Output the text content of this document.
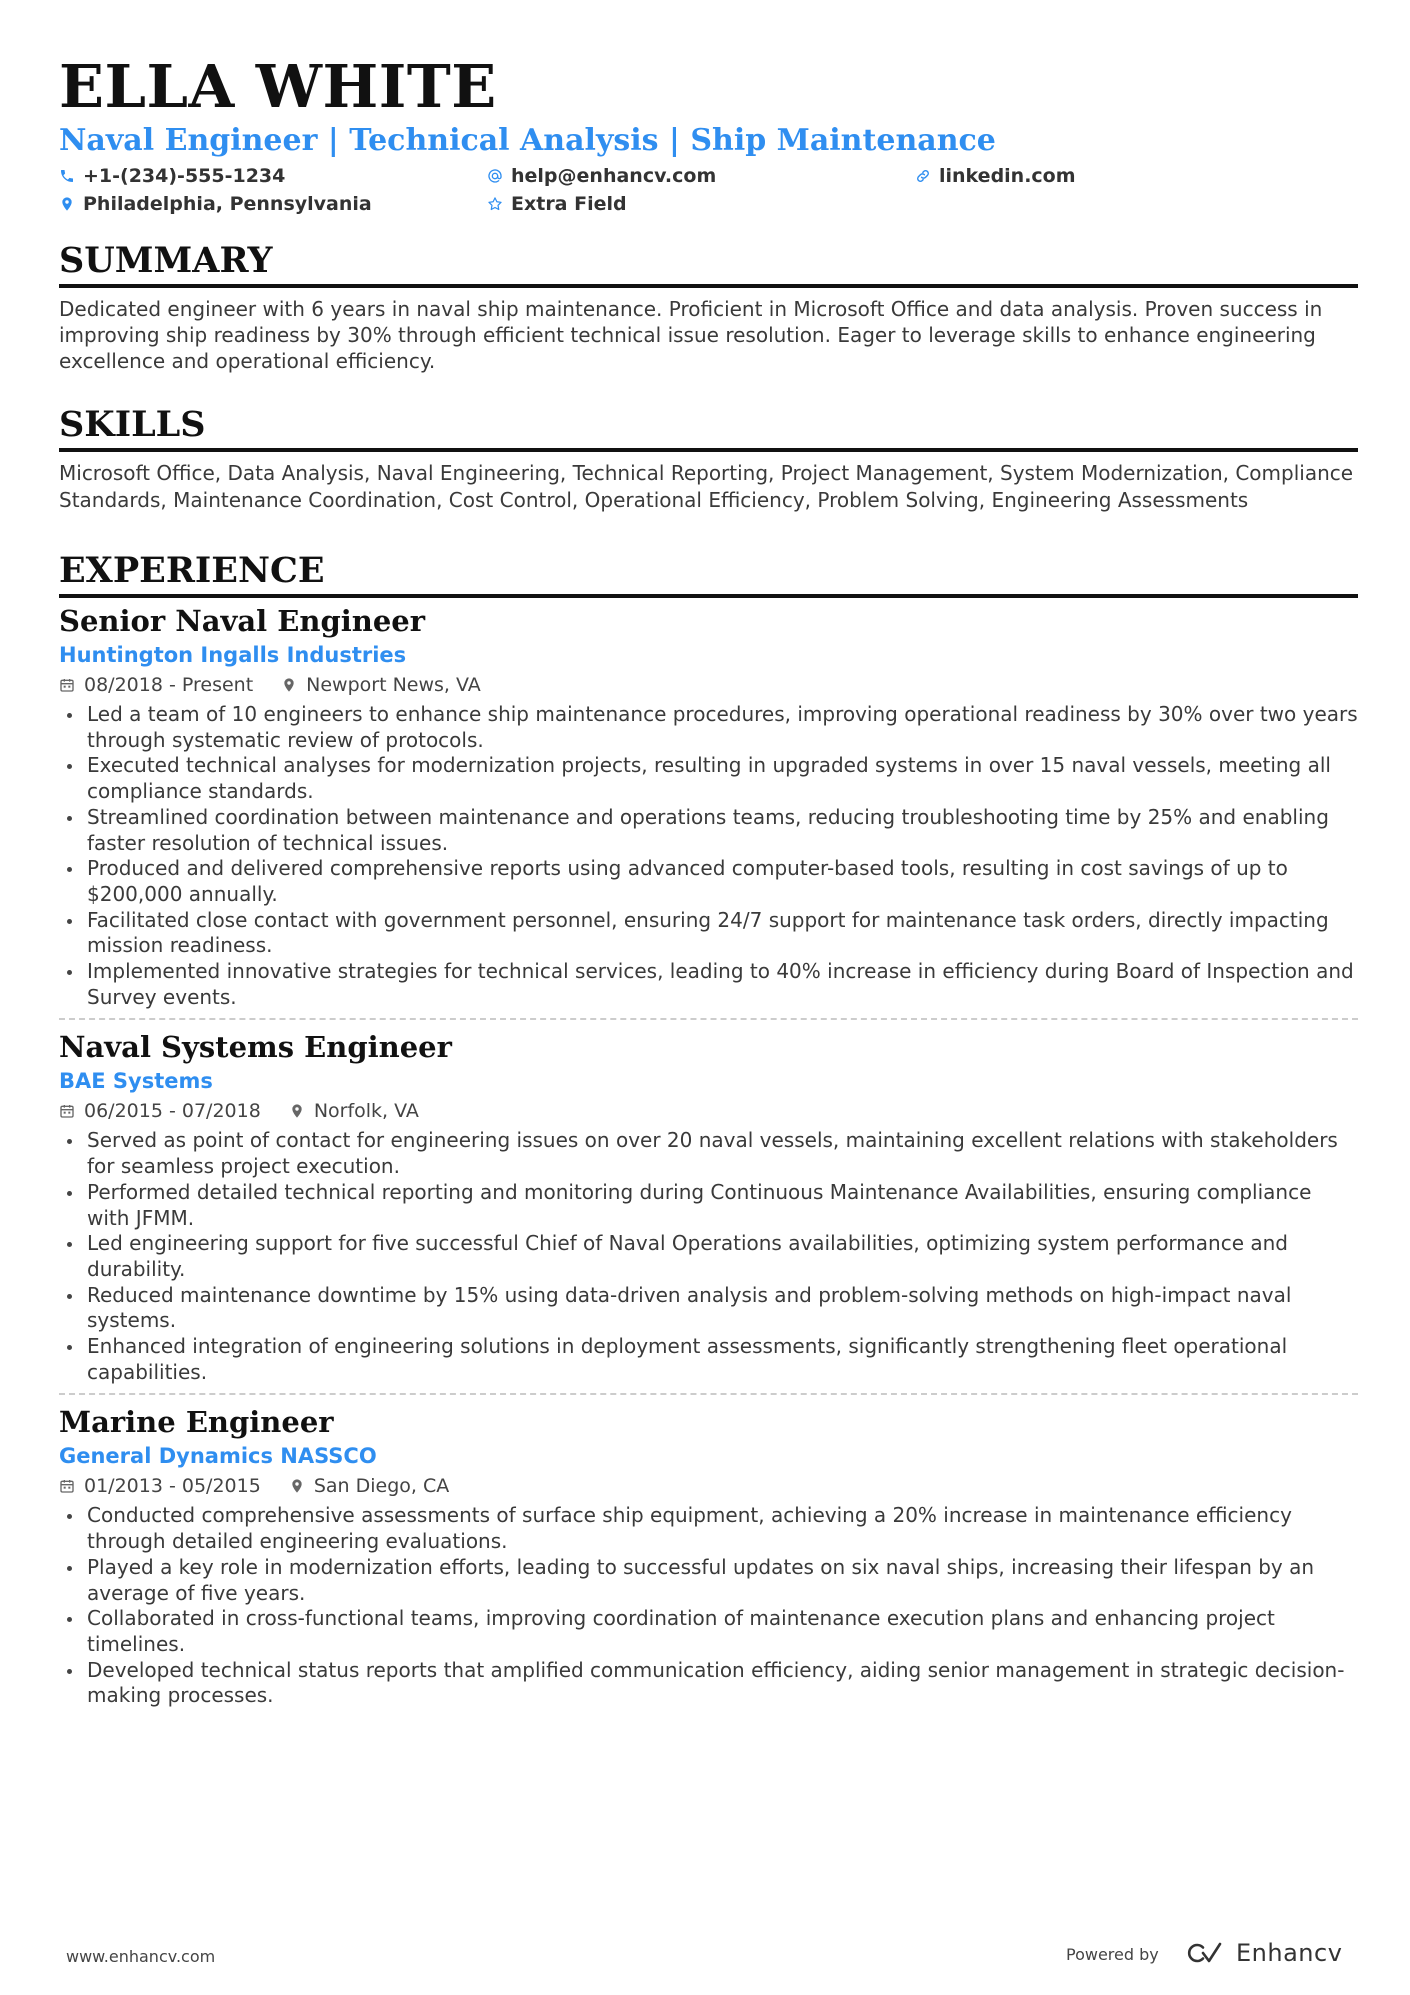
ELLA WHITE
Naval Engineer | Technical Analysis | Ship Maintenance
+1-(234)-555-1234	help@enhancv.com	linkedin.com
Philadelphia, Pennsylvania	Extra Field
SUMMARY

Dedicated engineer with 6 years in naval ship maintenance. Proficient in Microsoft Office and data analysis. Proven success in improving ship readiness by 30% through efficient technical issue resolution. Eager to leverage skills to enhance engineering excellence and operational efficiency.

SKILLS

Microsoft Office, Data Analysis, Naval Engineering, Technical Reporting, Project Management, System Modernization, Compliance Standards, Maintenance Coordination, Cost Control, Operational Efficiency, Problem Solving, Engineering Assessments

EXPERIENCE
Senior Naval Engineer
Huntington Ingalls Industries
08/2018 - Present	Newport News, VA
Led a team of 10 engineers to enhance ship maintenance procedures, improving operational readiness by 30% over two years through systematic review of protocols.
Executed technical analyses for modernization projects, resulting in upgraded systems in over 15 naval vessels, meeting all compliance standards.
Streamlined coordination between maintenance and operations teams, reducing troubleshooting time by 25% and enabling faster resolution of technical issues.
Produced and delivered comprehensive reports using advanced computer-based tools, resulting in cost savings of up to $200,000 annually.
Facilitated close contact with government personnel, ensuring 24/7 support for maintenance task orders, directly impacting mission readiness.
Implemented innovative strategies for technical services, leading to 40% increase in efficiency during Board of Inspection and Survey events.
Naval Systems Engineer
BAE Systems
06/2015 - 07/2018	Norfolk, VA
Served as point of contact for engineering issues on over 20 naval vessels, maintaining excellent relations with stakeholders for seamless project execution.
Performed detailed technical reporting and monitoring during Continuous Maintenance Availabilities, ensuring compliance with JFMM.
Led engineering support for five successful Chief of Naval Operations availabilities, optimizing system performance and durability.
Reduced maintenance downtime by 15% using data-driven analysis and problem-solving methods on high-impact naval systems.
Enhanced integration of engineering solutions in deployment assessments, significantly strengthening fleet operational capabilities.
Marine Engineer
General Dynamics NASSCO
01/2013 - 05/2015	San Diego, CA
Conducted comprehensive assessments of surface ship equipment, achieving a 20% increase in maintenance efficiency through detailed engineering evaluations.
Played a key role in modernization efforts, leading to successful updates on six naval ships, increasing their lifespan by an average of five years.
Collaborated in cross-functional teams, improving coordination of maintenance execution plans and enhancing project timelines.
Developed technical status reports that amplified communication efficiency, aiding senior management in strategic decision-making processes.
www.enhancv.com	Powered by	Enhancv
